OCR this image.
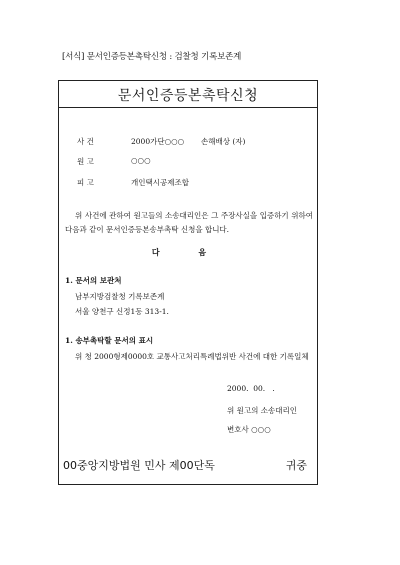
[서식] 문서인증등본촉탁신청 : 검찰청 기록보존계
문서인증등본촉탁신청
사 건	2000가단○○○ 손해배상 (자)
원 고	○○○
피 고	개인택시공제조합
위 사건에 관하여 원고들의 소송대리인은 그 주장사실을 입증하기 위하여 다음과 같이 문서인증등본송부촉탁 신청을 합니다.
다 음
1. 문서의 보관처
남부지방검찰청 기록보존계
서울 양천구 신정1동 313-1.
1. 송부촉탁할 문서의 표시
위 청 2000형제0000호 교통사고처리특례법위반 사건에 대한 기록일체
2000.  00.   .
위 원고의 소송대리인
변호사 ○○○
00중앙지방법원 민사 제00단독	귀중
